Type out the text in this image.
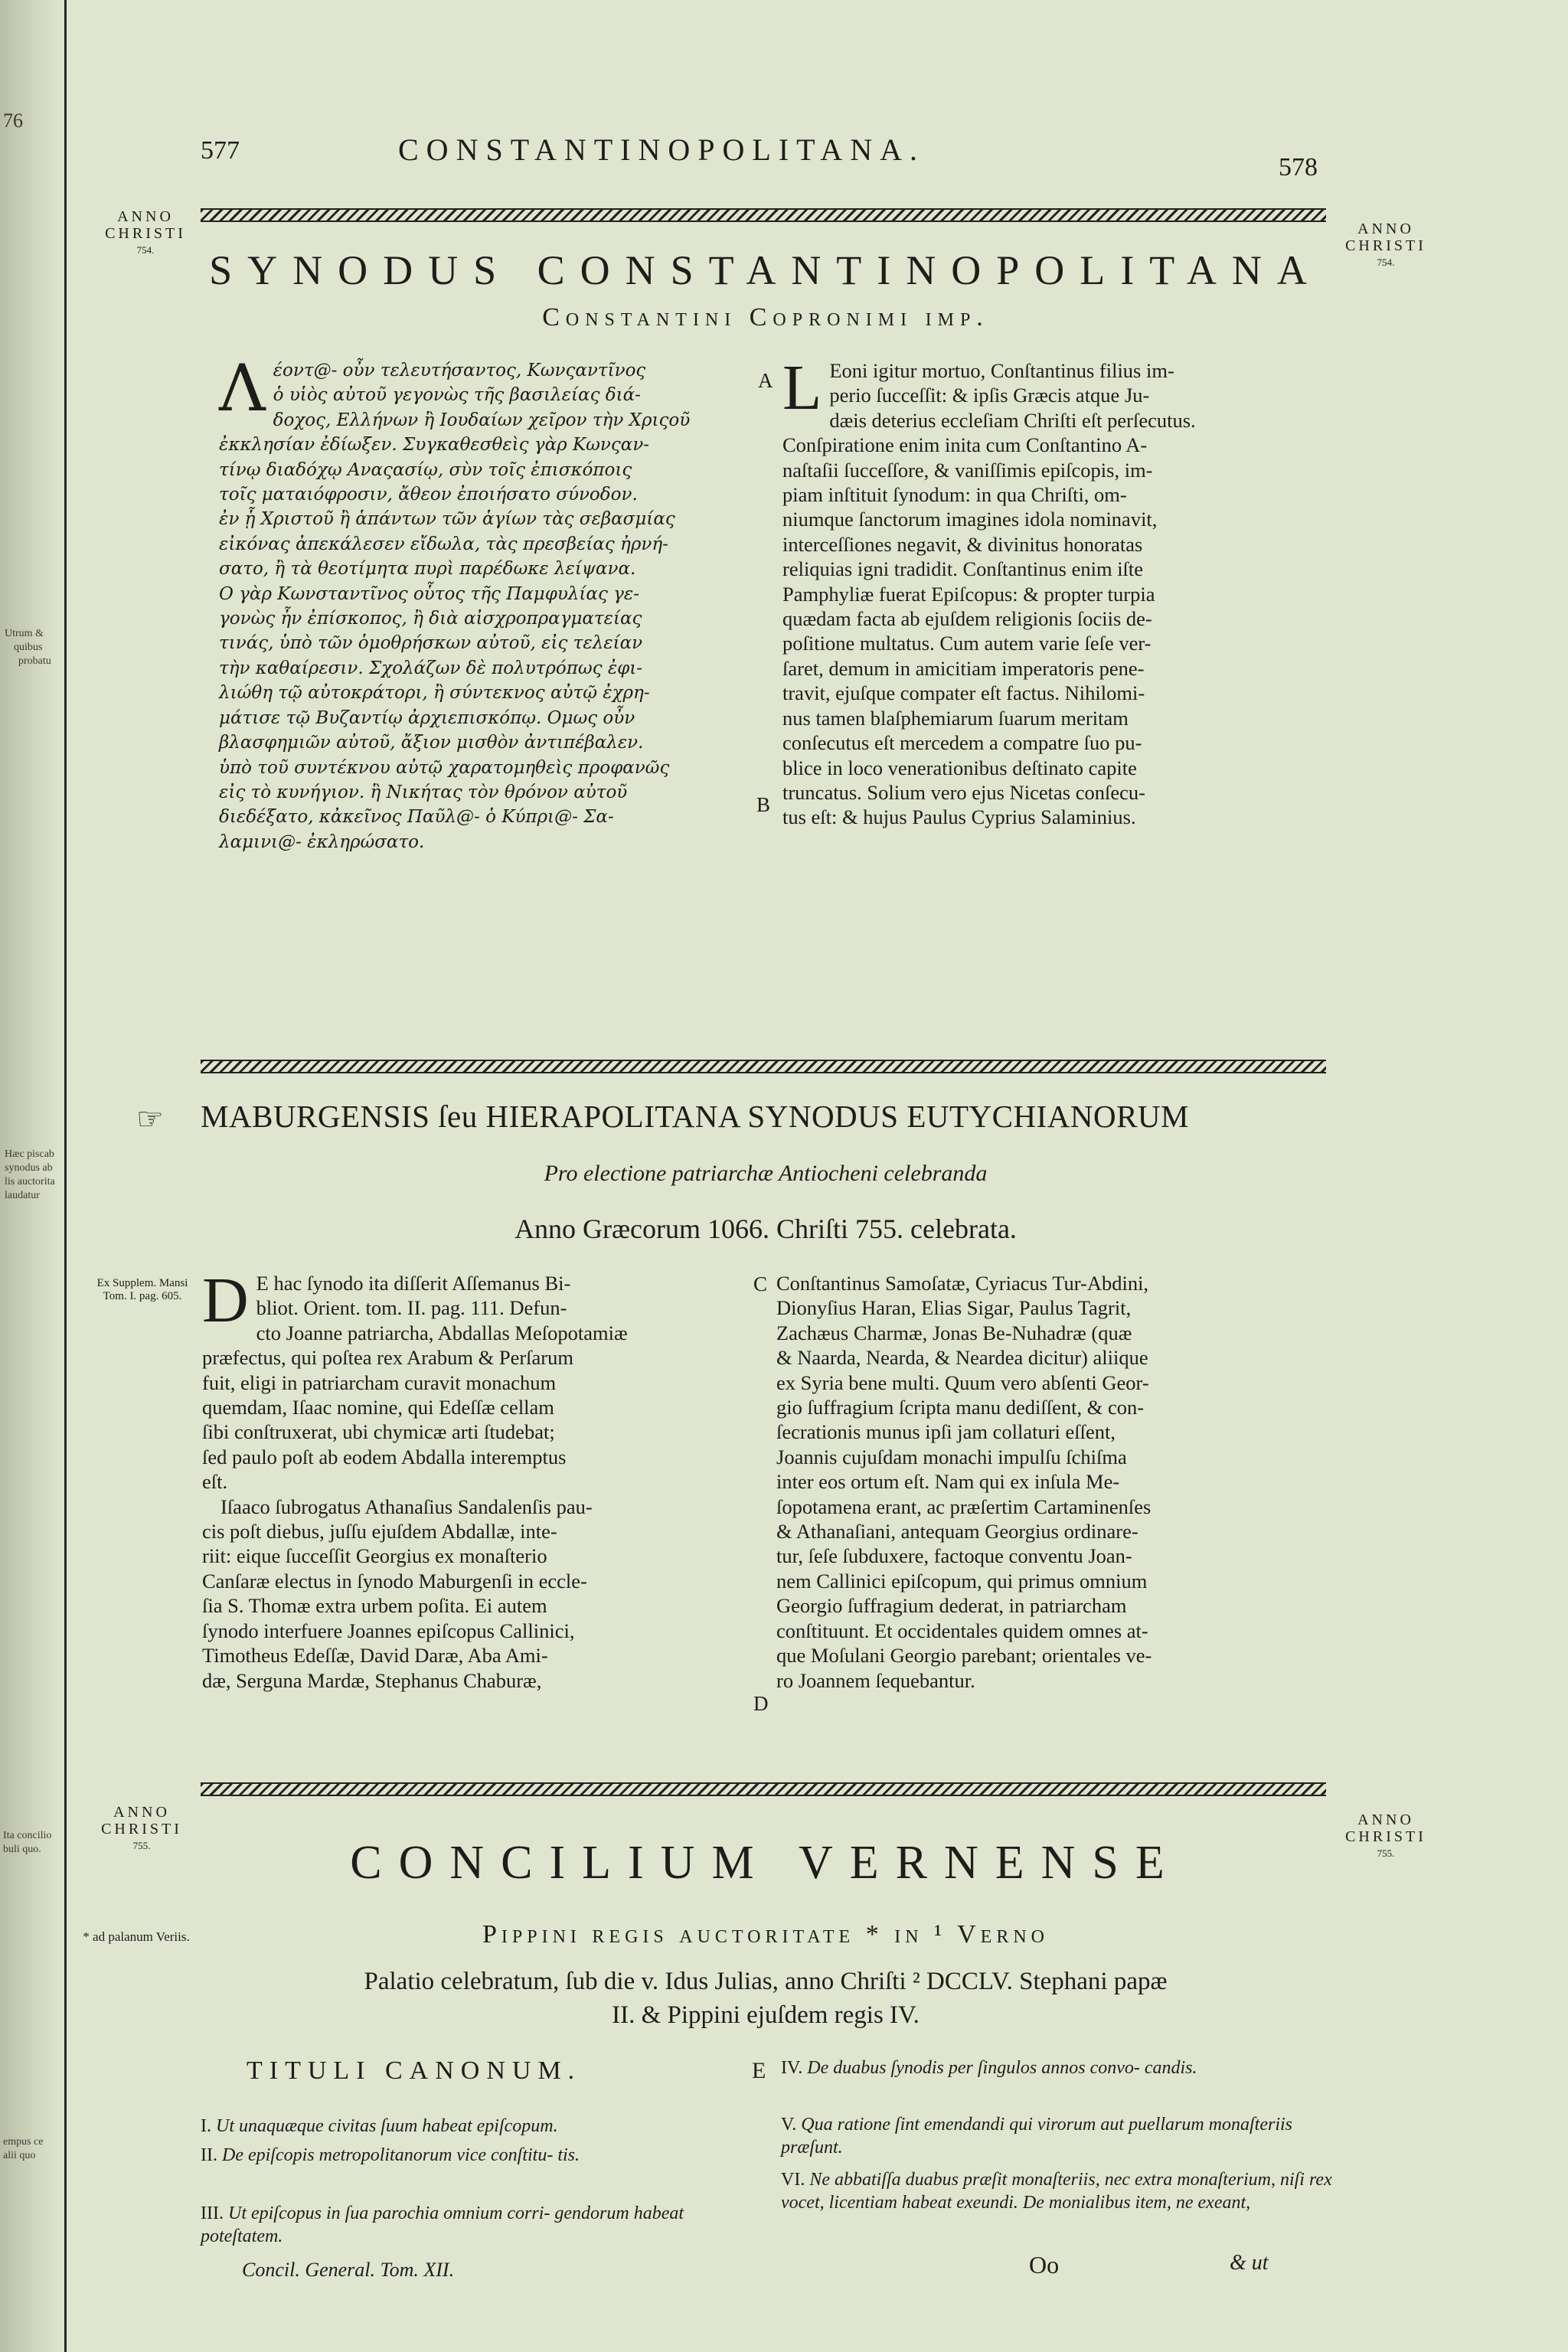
76
Utrum &
quibus
probatu
Hæc piscab
synodus ab
lis auctorita
laudatur
Ita concilio
buli quo.
empus ce
alii quo
577	CONSTANTINOPOLITANA.
578
ANNO CHRISTI
754.
ANNO CHRISTI
754.
SYNODUS CONSTANTINOPOLITANA
Constantini Copronimi imp.
Λ έοντ@- οὖν τελευτήσαντος, Κωνςαντῖνος

ὁ υἱὸς αὐτοῦ γεγονὼς τῆς βασιλείας διά-

δοχος, Ελλήνων ἢ Ιουδαίων χεῖρον τὴν Χριςοῦ

ἐκκλησίαν ἐδίωξεν. Συγκαθεσθεὶς γὰρ Κωνςαν-

τίνῳ διαδόχῳ Αναςασίῳ, σὺν τοῖς ἐπισκόποις

τοῖς ματαιόφροσιν, ἄθεον ἐποιήσατο σύνοδον.

ἐν ᾗ Χριστοῦ ἢ ἁπάντων τῶν ἁγίων τὰς σεβασμίας

εἰκόνας ἀπεκάλεσεν εἴδωλα, τὰς πρεσβείας ἠρνή-

σατο, ἢ τὰ θεοτίμητα πυρὶ παρέδωκε λείψανα.

Ο γὰρ Κωνσταντῖνος οὗτος τῆς Παμφυλίας γε-

γονὼς ἦν ἐπίσκοπος, ἢ διὰ αἰσχροπραγματείας

τινάς, ὑπὸ τῶν ὁμοθρήσκων αὐτοῦ, εἰς τελείαν

τὴν καθαίρεσιν. Σχολάζων δὲ πολυτρόπως ἐφι-

λιώθη τῷ αὐτοκράτορι, ἢ σύντεκνος αὐτῷ ἐχρη-

μάτισε τῷ Βυζαντίῳ ἀρχιεπισκόπῳ. Ομως οὖν

βλασφημιῶν αὐτοῦ, ἄξιον μισθὸν ἀντιπέβαλεν.

ὑπὸ τοῦ συντέκνου αὐτῷ χαρατομηθεὶς προφανῶς

εἰς τὸ κυνήγιον. ἢ Νικήτας τὸν θρόνον αὐτοῦ

διεδέξατο, κἀκεῖνος Παῦλ@- ὁ Κύπρι@- Σα-

λαμινι@- ἐκληρώσατο.

A
B
L Eoni igitur mortuo, Conſtantinus filius im-

perio ſucceſſit: & ipſis Græcis atque Ju-

dæis deterius eccleſiam Chriſti eſt perſecutus.

Conſpiratione enim inita cum Conſtantino A-

naſtaſii ſucceſſore, & vaniſſimis epiſcopis, im-

piam inſtituit ſynodum: in qua Chriſti, om-

niumque ſanctorum imagines idola nominavit,

interceſſiones negavit, & divinitus honoratas

reliquias igni tradidit. Conſtantinus enim iſte

Pamphyliæ fuerat Epiſcopus: & propter turpia

quædam facta ab ejuſdem religionis ſociis de-

poſitione multatus. Cum autem varie ſeſe ver-

ſaret, demum in amicitiam imperatoris pene-

travit, ejuſque compater eſt factus. Nihilomi-

nus tamen blaſphemiarum ſuarum meritam

conſecutus eſt mercedem a compatre ſuo pu-

blice in loco venerationibus deſtinato capite

truncatus. Solium vero ejus Nicetas conſecu-

tus eſt: & hujus Paulus Cyprius Salaminius.

☞ MABURGENSIS ſeu HIERAPOLITANA SYNODUS EUTYCHIANORUM
Pro electione patriarchæ Antiocheni celebranda
Anno Græcorum 1066. Chriſti 755. celebrata.
Ex Supplem. Mansi Tom. I. pag. 605. D E hac ſynodo ita diſſerit Aſſemanus Bi-

bliot. Orient. tom. II. pag. 111. Defun-

cto Joanne patriarcha, Abdallas Meſopotamiæ

præfectus, qui poſtea rex Arabum & Perſarum

fuit, eligi in patriarcham curavit monachum

quemdam, Iſaac nomine, qui Edeſſæ cellam

ſibi conſtruxerat, ubi chymicæ arti ſtudebat;

ſed paulo poſt ab eodem Abdalla interemptus

eſt.

Iſaaco ſubrogatus Athanaſius Sandalenſis pau-

cis poſt diebus, juſſu ejuſdem Abdallæ, inte-

riit: eique ſucceſſit Georgius ex monaſterio

Canſaræ electus in ſynodo Maburgenſi in eccle-

ſia S. Thomæ extra urbem poſita. Ei autem

ſynodo interfuere Joannes epiſcopus Callinici,

Timotheus Edeſſæ, David Daræ, Aba Ami-

dæ, Serguna Mardæ, Stephanus Chaburæ,

C
D

Conſtantinus Samoſatæ, Cyriacus Tur-Abdini,

Dionyſius Haran, Elias Sigar, Paulus Tagrit,

Zachæus Charmæ, Jonas Be-Nuhadræ (quæ

& Naarda, Nearda, & Neardea dicitur) aliique

ex Syria bene multi. Quum vero abſenti Geor-

gio ſuffragium ſcripta manu dediſſent, & con-

ſecrationis munus ipſi jam collaturi eſſent,

Joannis cujuſdam monachi impulſu ſchiſma

inter eos ortum eſt. Nam qui ex inſula Me-

ſopotamena erant, ac præſertim Cartaminenſes

& Athanaſiani, antequam Georgius ordinare-

tur, ſeſe ſubduxere, factoque conventu Joan-

nem Callinici epiſcopum, qui primus omnium

Georgio ſuffragium dederat, in patriarcham

conſtituunt. Et occidentales quidem omnes at-

que Moſulani Georgio parebant; orientales ve-

ro Joannem ſequebantur.

ANNO CHRISTI
755.
ANNO CHRISTI
755.
CONCILIUM VERNENSE
* ad palanum Veriis.	Pippini regis auctoritate * in ¹ Verno
Palatio celebratum, ſub die v. Idus Julias, anno Chriſti ² DCCLV. Stephani papæ
II. & Pippini ejuſdem regis IV.
TITULI CANONUM.	E
I. Ut unaquæque civitas ſuum habeat epiſcopum.
II. De epiſcopis metropolitanorum vice conſtitu- tis.
III. Ut epiſcopus in ſua parochia omnium corri- gendorum habeat poteſtatem.
Concil. General. Tom. XII.
IV. De duabus ſynodis per ſingulos annos convo- candis.
V. Qua ratione ſint emendandi qui virorum aut puellarum monaſteriis præſunt.
VI. Ne abbatiſſa duabus præſit monaſteriis, nec extra monaſterium, niſi rex vocet, licentiam habeat exeundi. De monialibus item, ne exeant,
Oo	& ut
